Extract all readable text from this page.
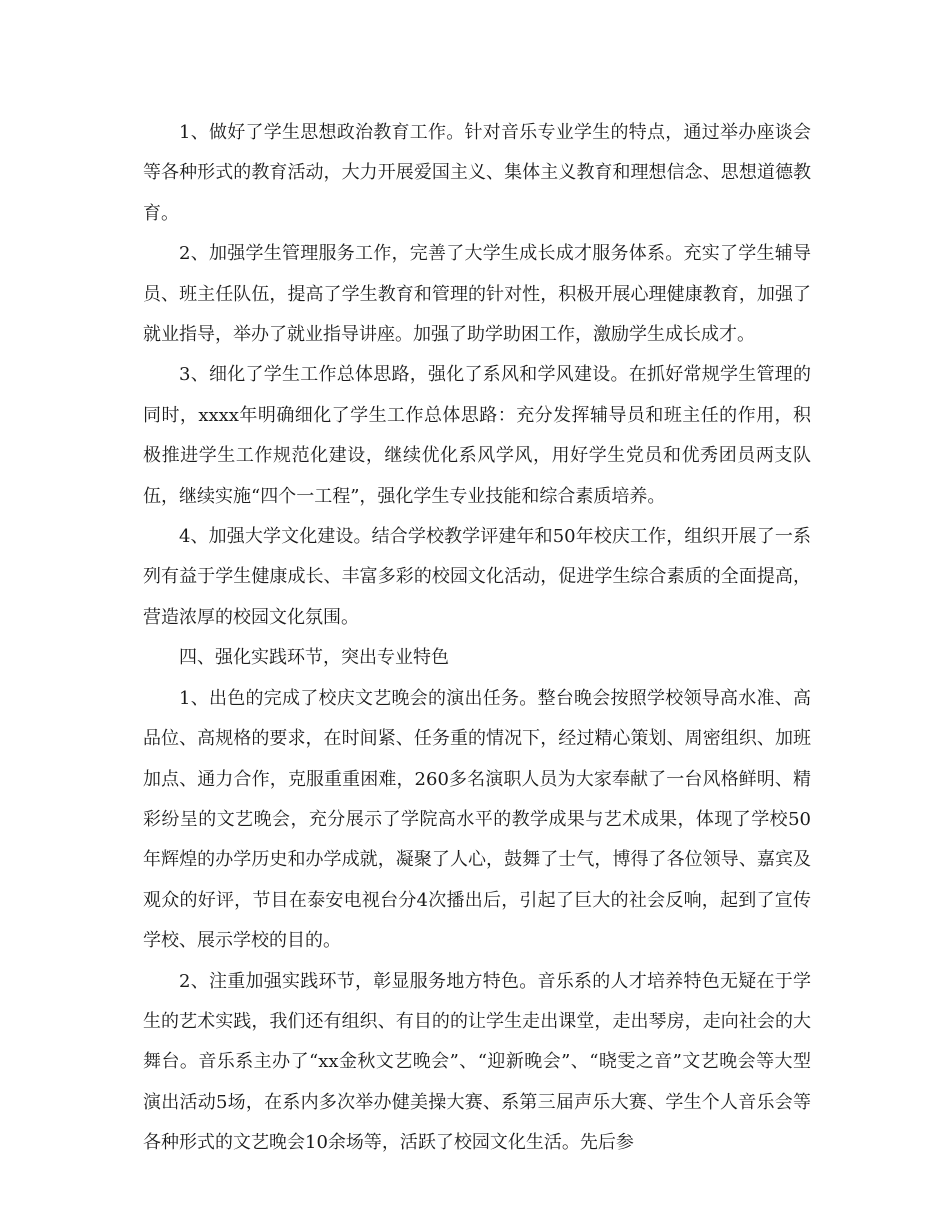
1、做好了学生思想政治教育工作。针对音乐专业学生的特点，通过举办座谈会等各种形式的教育活动，大力开展爱国主义、集体主义教育和理想信念、思想道德教育。

2、加强学生管理服务工作，完善了大学生成长成才服务体系。充实了学生辅导员、班主任队伍，提高了学生教育和管理的针对性，积极开展心理健康教育，加强了就业指导，举办了就业指导讲座。加强了助学助困工作，激励学生成长成才。

3、细化了学生工作总体思路，强化了系风和学风建设。在抓好常规学生管理的同时，xxxx年明确细化了学生工作总体思路：充分发挥辅导员和班主任的作用，积极推进学生工作规范化建设，继续优化系风学风，用好学生党员和优秀团员两支队伍，继续实施“四个一工程”，强化学生专业技能和综合素质培养。

4、加强大学文化建设。结合学校教学评建年和50年校庆工作，组织开展了一系列有益于学生健康成长、丰富多彩的校园文化活动，促进学生综合素质的全面提高，营造浓厚的校园文化氛围。

四、强化实践环节，突出专业特色

1、出色的完成了校庆文艺晚会的演出任务。整台晚会按照学校领导高水准、高品位、高规格的要求，在时间紧、任务重的情况下，经过精心策划、周密组织、加班加点、通力合作，克服重重困难，260多名演职人员为大家奉献了一台风格鲜明、精彩纷呈的文艺晚会，充分展示了学院高水平的教学成果与艺术成果，体现了学校50年辉煌的办学历史和办学成就，凝聚了人心，鼓舞了士气，博得了各位领导、嘉宾及观众的好评，节目在泰安电视台分4次播出后，引起了巨大的社会反响，起到了宣传学校、展示学校的目的。

2、注重加强实践环节，彰显服务地方特色。音乐系的人才培养特色无疑在于学生的艺术实践，我们还有组织、有目的的让学生走出课堂，走出琴房，走向社会的大舞台。音乐系主办了“xx金秋文艺晚会”、“迎新晚会”、“晓雯之音”文艺晚会等大型演出活动5场，在系内多次举办健美操大赛、系第三届声乐大赛、学生个人音乐会等各种形式的文艺晚会10余场等，活跃了校园文化生活。先后参
